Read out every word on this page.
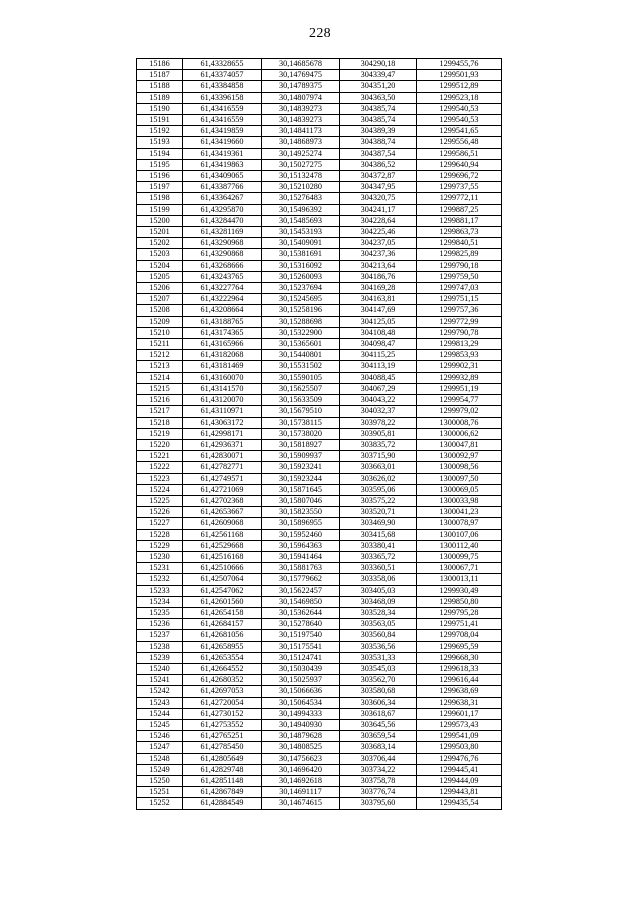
228
15186	61,43328655	30,14685678	304290,18	1299455,76
15187	61,43374057	30,14769475	304339,47	1299501,93
15188	61,43384858	30,14789375	304351,20	1299512,89
15189	61,43396158	30,14807974	304363,50	1299523,18
15190	61,43416559	30,14839273	304385,74	1299540,53
15191	61,43416559	30,14839273	304385,74	1299540,53
15192	61,43419859	30,14841173	304389,39	1299541,65
15193	61,43419660	30,14868973	304388,74	1299556,48
15194	61,43419361	30,14925274	304387,54	1299586,51
15195	61,43419863	30,15027275	304386,52	1299640,94
15196	61,43409065	30,15132478	304372,87	1299696,72
15197	61,43387766	30,15210280	304347,95	1299737,55
15198	61,43364267	30,15276483	304320,75	1299772,11
15199	61,43295870	30,15496392	304241,17	1299887,25
15200	61,43284470	30,15485693	304228,64	1299881,17
15201	61,43281169	30,15453193	304225,46	1299863,73
15202	61,43290968	30,15409091	304237,05	1299840,51
15203	61,43290868	30,15381691	304237,36	1299825,89
15204	61,43268666	30,15316092	304213,64	1299790,18
15205	61,43243765	30,15260093	304186,76	1299759,50
15206	61,43227764	30,15237694	304169,28	1299747,03
15207	61,43222964	30,15245695	304163,81	1299751,15
15208	61,43208664	30,15258196	304147,69	1299757,36
15209	61,43188765	30,15288698	304125,05	1299772,99
15210	61,43174365	30,15322900	304108,48	1299790,78
15211	61,43165966	30,15365601	304098,47	1299813,29
15212	61,43182068	30,15440801	304115,25	1299853,93
15213	61,43181469	30,15531502	304113,19	1299902,31
15214	61,43160070	30,15590105	304088,45	1299932,89
15215	61,43141570	30,15625507	304067,29	1299951,19
15216	61,43120070	30,15633509	304043,22	1299954,77
15217	61,43110971	30,15679510	304032,37	1299979,02
15218	61,43063172	30,15738115	303978,22	1300008,76
15219	61,42998171	30,15738020	303905,81	1300006,62
15220	61,42936371	30,15818927	303835,72	1300047,81
15221	61,42830071	30,15909937	303715,90	1300092,97
15222	61,42782771	30,15923241	303663,01	1300098,56
15223	61,42749571	30,15923244	303626,02	1300097,50
15224	61,42721069	30,15871645	303595,06	1300069,05
15225	61,42702368	30,15807046	303575,22	1300033,98
15226	61,42653667	30,15823550	303520,71	1300041,23
15227	61,42609068	30,15896955	303469,90	1300078,97
15228	61,42561168	30,15952460	303415,68	1300107,06
15229	61,42529668	30,15964363	303380,41	1300112,40
15230	61,42516168	30,15941464	303365,72	1300099,75
15231	61,42510666	30,15881763	303360,51	1300067,71
15232	61,42507064	30,15779662	303358,06	1300013,11
15233	61,42547062	30,15622457	303405,03	1299930,49
15234	61,42601560	30,15469850	303468,09	1299850,80
15235	61,42654158	30,15362644	303528,34	1299795,28
15236	61,42684157	30,15278640	303563,05	1299751,41
15237	61,42681056	30,15197540	303560,84	1299708,04
15238	61,42658955	30,15175541	303536,56	1299695,59
15239	61,42653554	30,15124741	303531,33	1299668,30
15240	61,42664552	30,15030439	303545,03	1299618,33
15241	61,42680352	30,15025937	303562,70	1299616,44
15242	61,42697053	30,15066636	303580,68	1299638,69
15243	61,42720054	30,15064534	303606,34	1299638,31
15244	61,42730152	30,14994333	303618,67	1299601,17
15245	61,42753552	30,14940930	303645,56	1299573,43
15246	61,42765251	30,14879628	303659,54	1299541,09
15247	61,42785450	30,14808525	303683,14	1299503,80
15248	61,42805649	30,14756623	303706,44	1299476,76
15249	61,42829748	30,14696420	303734,22	1299445,41
15250	61,42851148	30,14692618	303758,78	1299444,09
15251	61,42867849	30,14691117	303776,74	1299443,81
15252	61,42884549	30,14674615	303795,60	1299435,54
